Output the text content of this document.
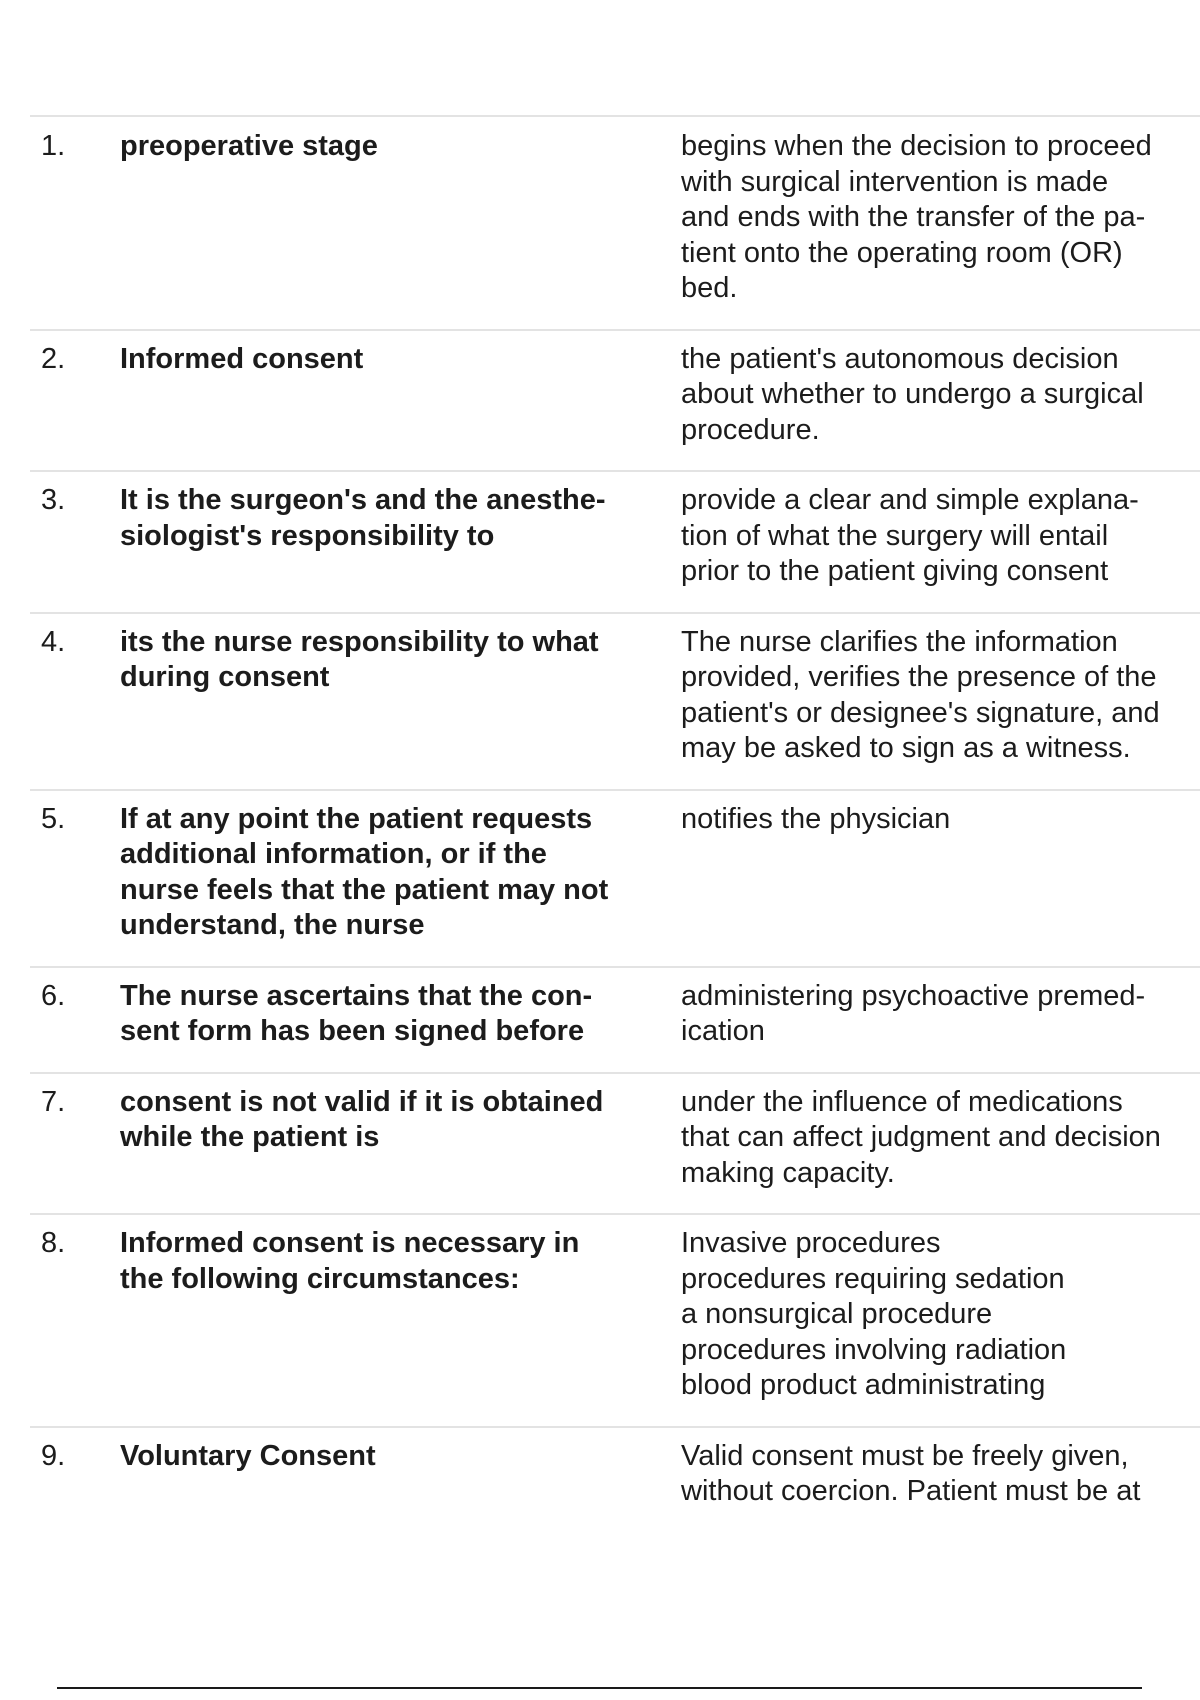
1.	preoperative stage	begins when the decision to proceed
with surgical intervention is made
and ends with the transfer of the pa-
tient onto the operating room (OR)
bed.

2.	Informed consent	the patient's autonomous decision
about whether to undergo a surgical
procedure.

3.	It is the surgeon's and the anesthe-
siologist's responsibility to	provide a clear and simple explana-
tion of what the surgery will entail
prior to the patient giving consent

4.	its the nurse responsibility to what
during consent	The nurse clarifies the information
provided, verifies the presence of the
patient's or designee's signature, and
may be asked to sign as a witness.

5.	If at any point the patient requests
additional information, or if the
nurse feels that the patient may not
understand, the nurse	notifies the physician

6.	The nurse ascertains that the con-
sent form has been signed before	administering psychoactive premed-
ication

7.	consent is not valid if it is obtained
while the patient is	under the influence of medications
that can affect judgment and decision
making capacity.

8.	Informed consent is necessary in
the following circumstances:	Invasive procedures
procedures requiring sedation
a nonsurgical procedure
procedures involving radiation
blood product administrating

9.	Voluntary Consent	Valid consent must be freely given,
without coercion. Patient must be at
